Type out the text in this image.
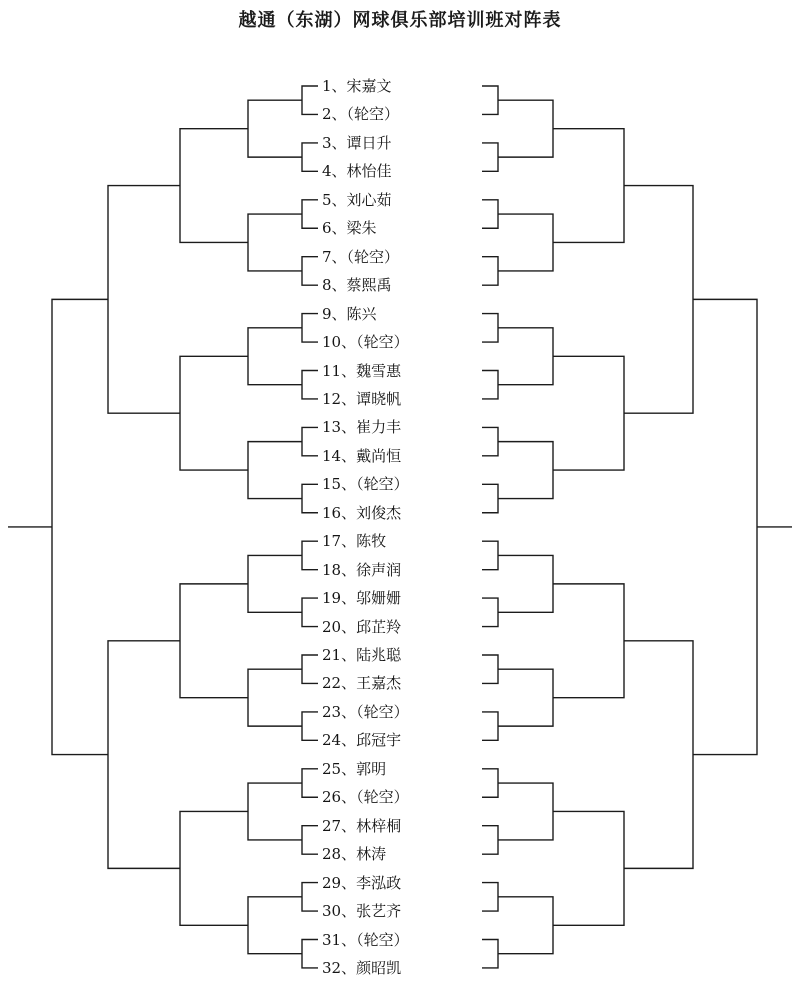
越通（东湖）网球俱乐部培训班对阵表
1、宋嘉文
2、（轮空）
3、谭日升
4、林怡佳
5、刘心茹
6、梁朱
7、（轮空）
8、蔡熙禹
9、陈兴
10、（轮空）
11、魏雪惠
12、谭晓帆
13、崔力丰
14、戴尚恒
15、（轮空）
16、刘俊杰
17、陈牧
18、徐声润
19、邬姗姗
20、邱芷羚
21、陆兆聪
22、王嘉杰
23、（轮空）
24、邱冠宇
25、郭明
26、（轮空）
27、林梓桐
28、林涛
29、李泓政
30、张艺齐
31、（轮空）
32、颜昭凯
